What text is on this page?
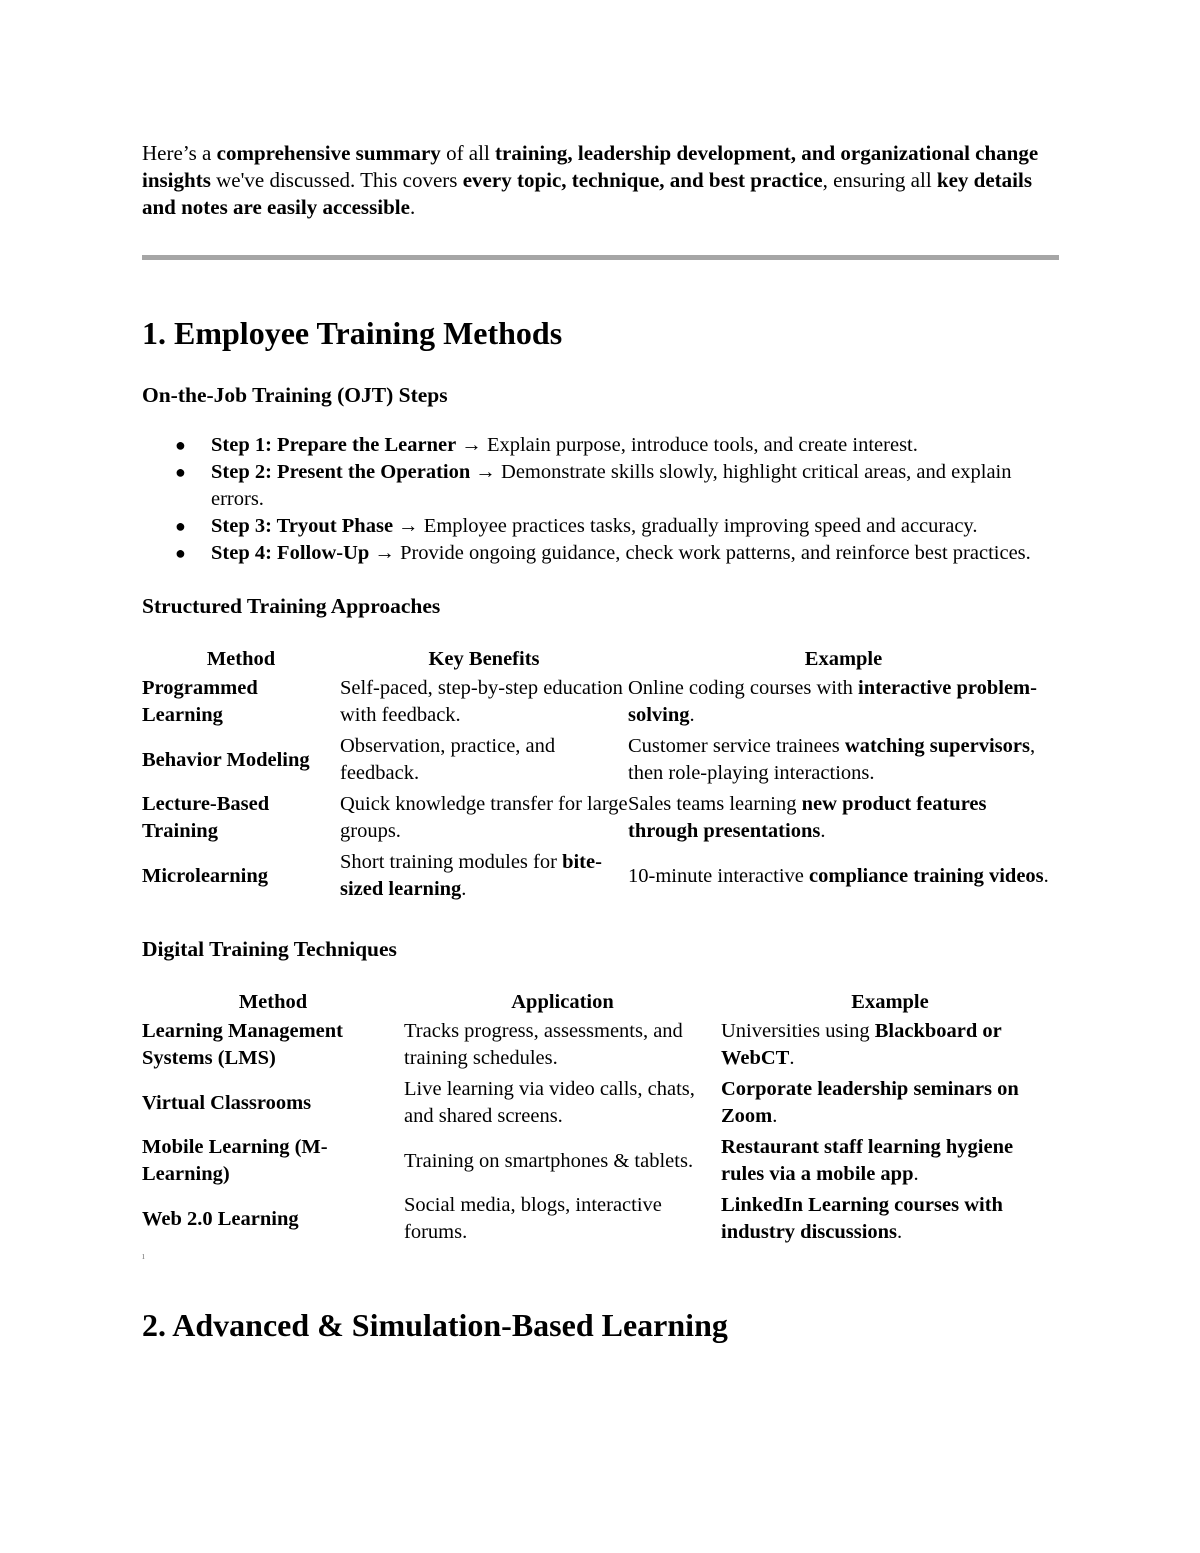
Here’s a comprehensive summary of all training, leadership development, and organizational change insights we've discussed. This covers every topic, technique, and best practice, ensuring all key details and notes are easily accessible.

1. Employee Training Methods
On-the-Job Training (OJT) Steps
● Step 1: Prepare the Learner → Explain purpose, introduce tools, and create interest.
● Step 2: Present the Operation → Demonstrate skills slowly, highlight critical areas, and explain errors.
● Step 3: Tryout Phase → Employee practices tasks, gradually improving speed and accuracy.
● Step 4: Follow-Up → Provide ongoing guidance, check work patterns, and reinforce best practices.
Structured Training Approaches
Method	Key Benefits	Example
Programmed Learning	Self-paced, step-by-step education with feedback.	Online coding courses with interactive problem-solving.
Behavior Modeling	Observation, practice, and feedback.	Customer service trainees watching supervisors, then role-playing interactions.
Lecture-Based Training	Quick knowledge transfer for large groups.	Sales teams learning new product features through presentations.
Microlearning	Short training modules for bite-sized learning.	10-minute interactive compliance training videos.
Digital Training Techniques
Method	Application	Example
Learning Management Systems (LMS)	Tracks progress, assessments, and training schedules.	Universities using Blackboard or WebCT.
Virtual Classrooms	Live learning via video calls, chats, and shared screens.	Corporate leadership seminars on Zoom.
Mobile Learning (M-Learning)	Training on smartphones & tablets.	Restaurant staff learning hygiene rules via a mobile app.
Web 2.0 Learning	Social media, blogs, interactive forums.	LinkedIn Learning courses with industry discussions.
ı
2. Advanced & Simulation-Based Learning
